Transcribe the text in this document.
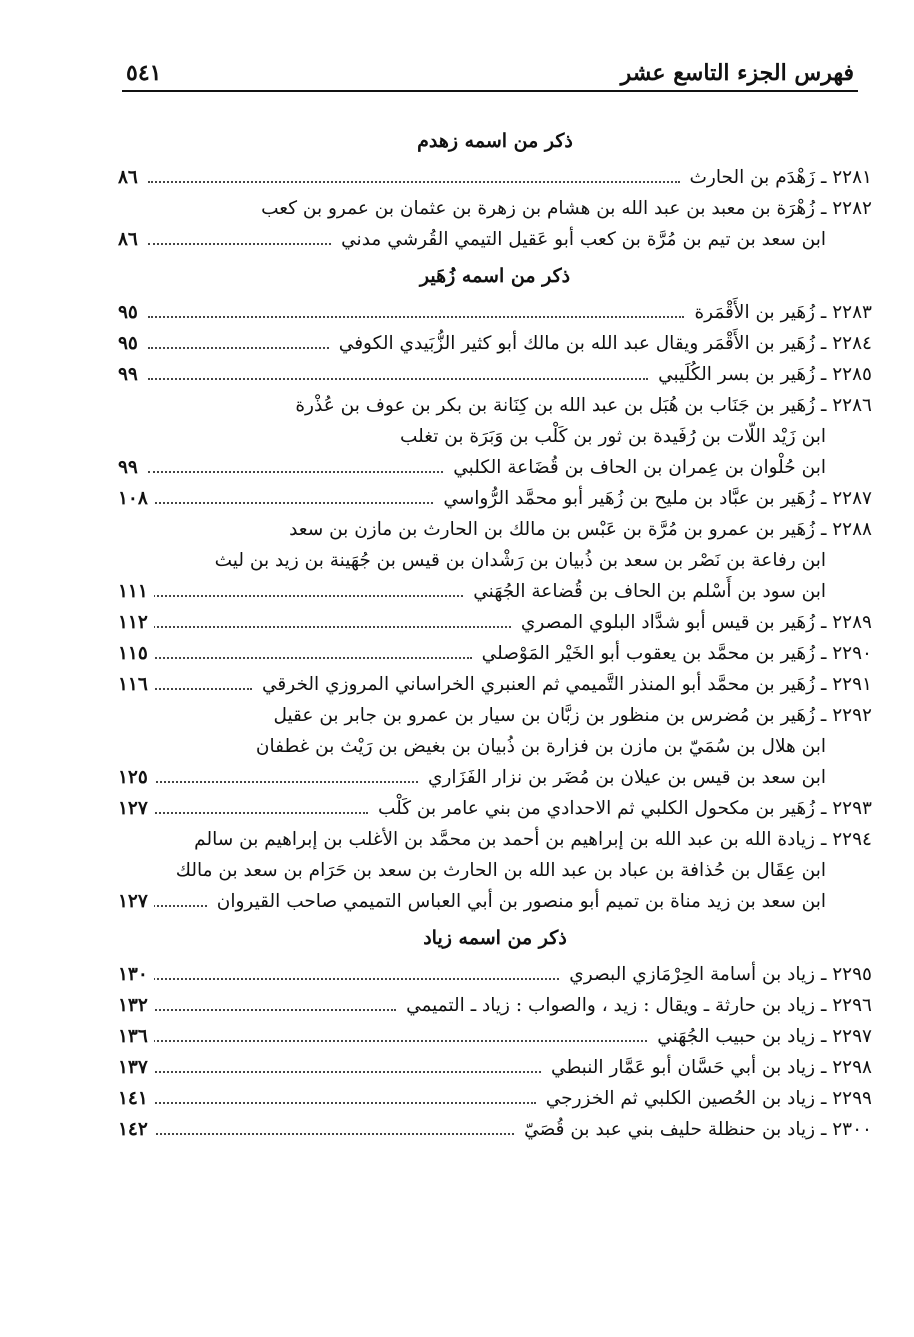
فهرس الجزء التاسع عشر
٥٤١
ذكر من اسمه زهدم
٢٢٨١ ـ زَهْدَم بن الحارث
٨٦
٢٢٨٢ ـ زُهْرَة بن معبد بن عبد الله بن هشام بن زهرة بن عثمان بن عمرو بن كعب
ابن سعد بن تيم بن مُرَّة بن كعب أبو عَقيل التيمي القُرشي مدني
٨٦
ذكر من اسمه زُهَير
٢٢٨٣ ـ زُهَير بن الأَقْمَرة
٩٥
٢٢٨٤ ـ زُهَير بن الأَقْمَر ويقال عبد الله بن مالك أبو كثير الزُّبَيدي الكوفي
٩٥
٢٢٨٥ ـ زُهَير بن بسر الكُلَيبي
٩٩
٢٢٨٦ ـ زُهَير بن جَنَاب بن هُبَل بن عبد الله بن كِنَانة بن بكر بن عوف بن عُذْرة
ابن زَيْد اللّات بن رُفَيدة بن ثور بن كَلْب بن وَبَرَة بن تغلب
ابن حُلْوان بن عِمران بن الحاف بن قُضَاعة الكلبي
٩٩
٢٢٨٧ ـ زُهَير بن عبَّاد بن مليح بن زُهَير أبو محمَّد الرُّواسي
١٠٨
٢٢٨٨ ـ زُهَير بن عمرو بن مُرَّة بن عَبْس بن مالك بن الحارث بن مازن بن سعد
ابن رفاعة بن نَصْر بن سعد بن ذُبيان بن رَشْدان بن قيس بن جُهَينة بن زيد بن ليث
ابن سود بن أَسْلم بن الحاف بن قُضاعة الجُهَني
١١١
٢٢٨٩ ـ زُهَير بن قيس أبو شدَّاد البلوي المصري
١١٢
٢٢٩٠ ـ زُهَير بن محمَّد بن يعقوب أبو الخَيْر المَوْصلي
١١٥
٢٢٩١ ـ زُهَير بن محمَّد أبو المنذر التَّميمي ثم العنبري الخراساني المروزي الخرقي
١١٦
٢٢٩٢ ـ زُهَير بن مُضرس بن منظور بن زبَّان بن سيار بن عمرو بن جابر بن عقيل
ابن هلال بن سُمَيّ بن مازن بن فزارة بن ذُبيان بن بغيض بن رَيْث بن غطفان
ابن سعد بن قيس بن عيلان بن مُضَر بن نزار الفَزَاري
١٢٥
٢٢٩٣ ـ زُهَير بن مكحول الكلبي ثم الاحدادي من بني عامر بن كَلْب
١٢٧
٢٢٩٤ ـ زيادة الله بن عبد الله بن إبراهيم بن أحمد بن محمَّد بن الأغلب بن إبراهيم بن سالم
ابن عِقَال بن حُذافة بن عباد بن عبد الله بن الحارث بن سعد بن حَرَام بن سعد بن مالك
ابن سعد بن زيد مناة بن تميم أبو منصور بن أبي العباس التميمي صاحب القيروان
١٢٧
ذكر من اسمه زياد
٢٢٩٥ ـ زياد بن أسامة الحِرْمَازي البصري
١٣٠
٢٢٩٦ ـ زياد بن حارثة ـ ويقال : زيد ، والصواب : زياد ـ التميمي
١٣٢
٢٢٩٧ ـ زياد بن حبيب الجُهَني
١٣٦
٢٢٩٨ ـ زياد بن أبي حَسَّان أبو عَمَّار النبطي
١٣٧
٢٢٩٩ ـ زياد بن الحُصين الكلبي ثم الخزرجي
١٤١
٢٣٠٠ ـ زياد بن حنظلة حليف بني عبد بن قُصَيّ
١٤٢
